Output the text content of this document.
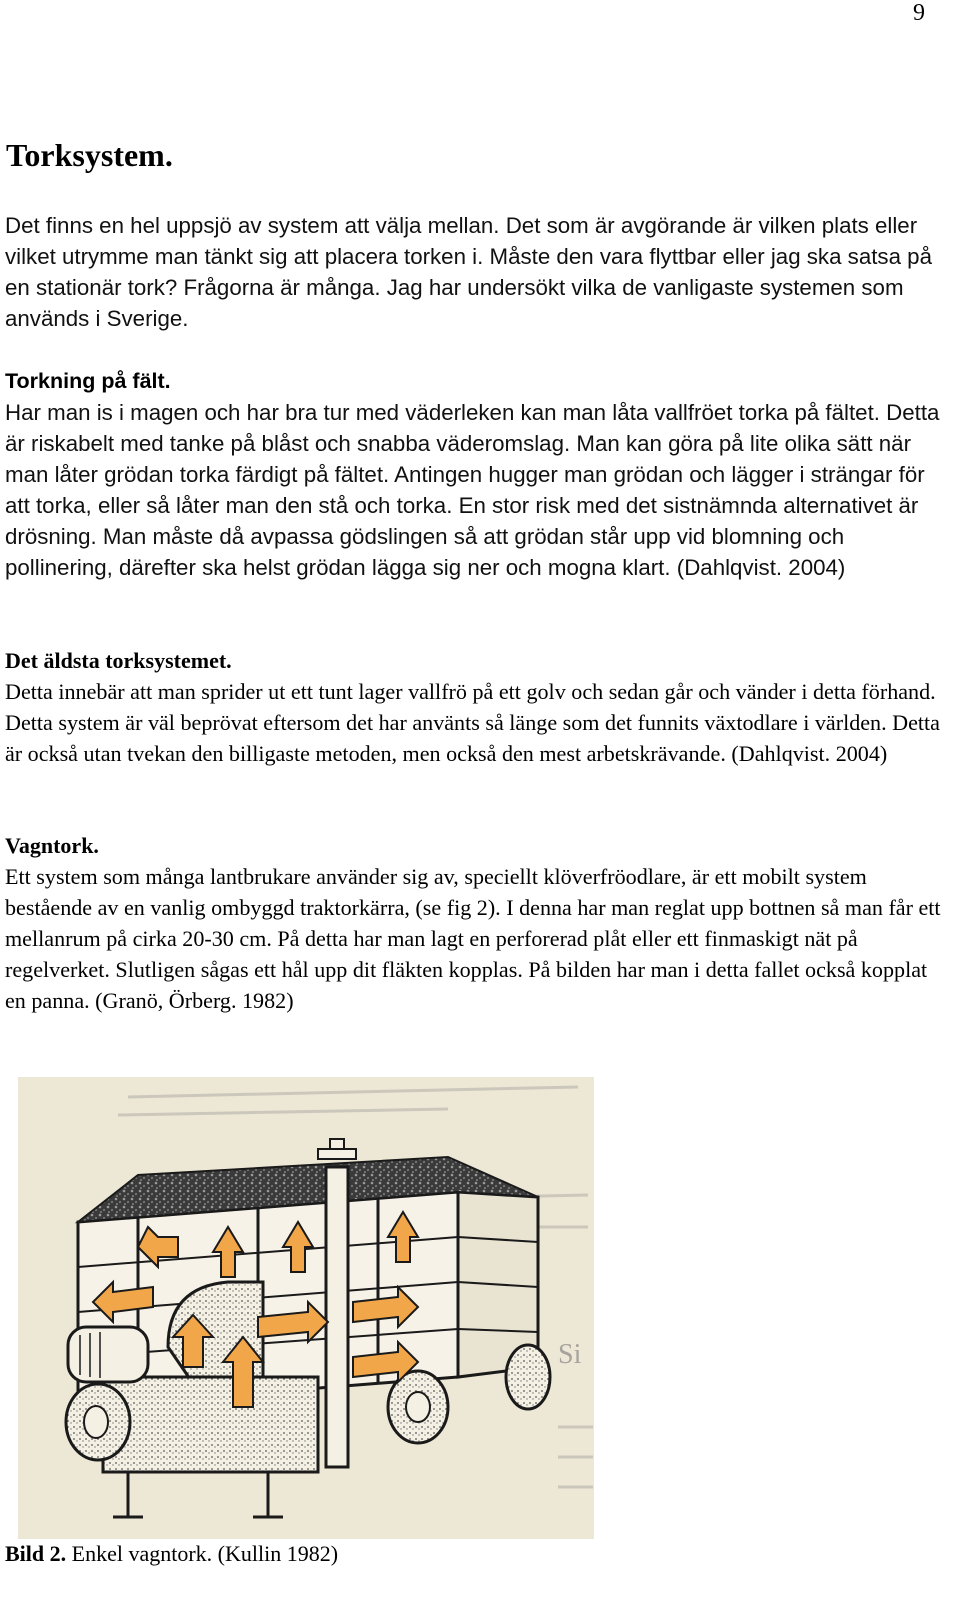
9
Torksystem.

Det finns en hel uppsjö av system att välja mellan. Det som är avgörande är vilken plats eller vilket utrymme man tänkt sig att placera torken i. Måste den vara flyttbar eller jag ska satsa på en stationär tork? Frågorna är många. Jag har undersökt vilka de vanligaste systemen som används i Sverige.

Torkning på fält.

Har man is i magen och har bra tur med väderleken kan man låta vallfröet torka på fältet. Detta är riskabelt med tanke på blåst och snabba väderomslag. Man kan göra på lite olika sätt när man låter grödan torka färdigt på fältet. Antingen hugger man grödan och lägger i strängar för att torka, eller så låter man den stå och torka. En stor risk med det sistnämnda alternativet är drösning. Man måste då avpassa gödslingen så att grödan står upp vid blomning och pollinering, därefter ska helst grödan lägga sig ner och mogna klart. (Dahlqvist. 2004)

Det äldsta torksystemet.

Detta innebär att man sprider ut ett tunt lager vallfrö på ett golv och sedan går och vänder i detta förhand. Detta system är väl beprövat eftersom det har använts så länge som det funnits växtodlare i världen. Detta är också utan tvekan den billigaste metoden, men också den mest arbetskrävande. (Dahlqvist. 2004)

Vagntork.

Ett system som många lantbrukare använder sig av, speciellt klöverfröodlare, är ett mobilt system bestående av en vanlig ombyggd traktorkärra, (se fig 2). I denna har man reglat upp bottnen så man får ett mellanrum på cirka 20-30 cm. På detta har man lagt en perforerad plåt eller ett finmaskigt nät på regelverket. Slutligen sågas ett hål upp dit fläkten kopplas. På bilden har man i detta fallet också kopplat en panna. (Granö, Örberg. 1982)

Si

Bild 2. Enkel vagntork. (Kullin 1982)
